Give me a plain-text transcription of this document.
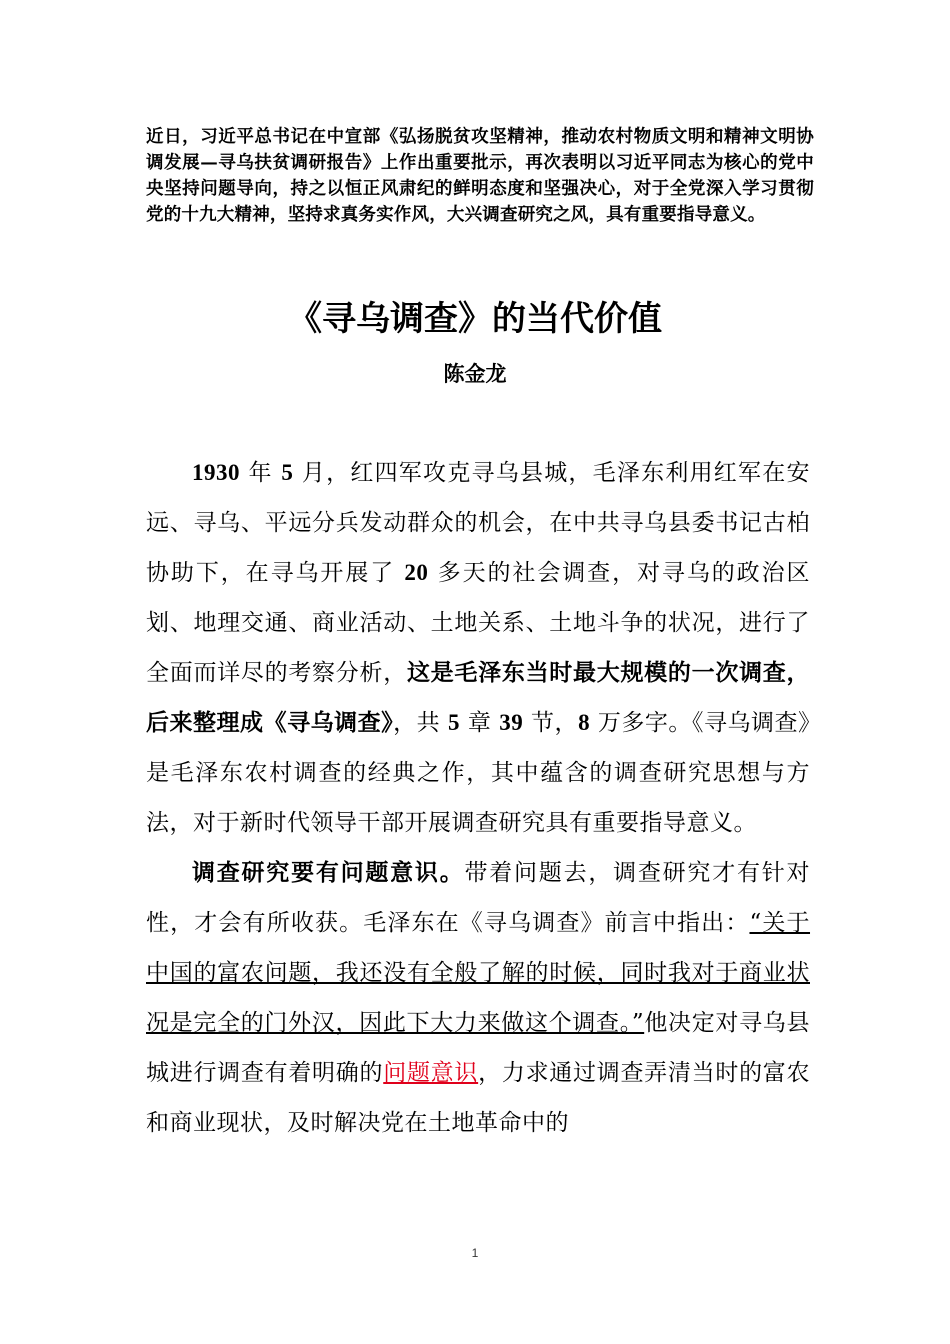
近日，习近平总书记在中宣部《弘扬脱贫攻坚精神，推动农村物质文明和精神文明协调发展—寻乌扶贫调研报告》上作出重要批示，再次表明以习近平同志为核心的党中央坚持问题导向，持之以恒正风肃纪的鲜明态度和坚强决心，对于全党深入学习贯彻党的十九大精神，坚持求真务实作风，大兴调查研究之风，具有重要指导意义。
《寻乌调查》的当代价值
陈金龙

1930 年 5 月，红四军攻克寻乌县城，毛泽东利用红军在安远、寻乌、平远分兵发动群众的机会，在中共寻乌县委书记古柏协助下，在寻乌开展了 20 多天的社会调查，对寻乌的政治区划、地理交通、商业活动、土地关系、土地斗争的状况，进行了全面而详尽的考察分析，这是毛泽东当时最大规模的一次调查，后来整理成《寻乌调查》，共 5 章 39 节，8 万多字。《寻乌调查》是毛泽东农村调查的经典之作，其中蕴含的调查研究思想与方法，对于新时代领导干部开展调查研究具有重要指导意义。

调查研究要有问题意识。带着问题去，调查研究才有针对性，才会有所收获。毛泽东在《寻乌调查》前言中指出：“关于中国的富农问题，我还没有全般了解的时候，同时我对于商业状况是完全的门外汉，因此下大力来做这个调查。”他决定对寻乌县城进行调查有着明确的问题意识，力求通过调查弄清当时的富农和商业现状，及时解决党在土地革命中的

1
